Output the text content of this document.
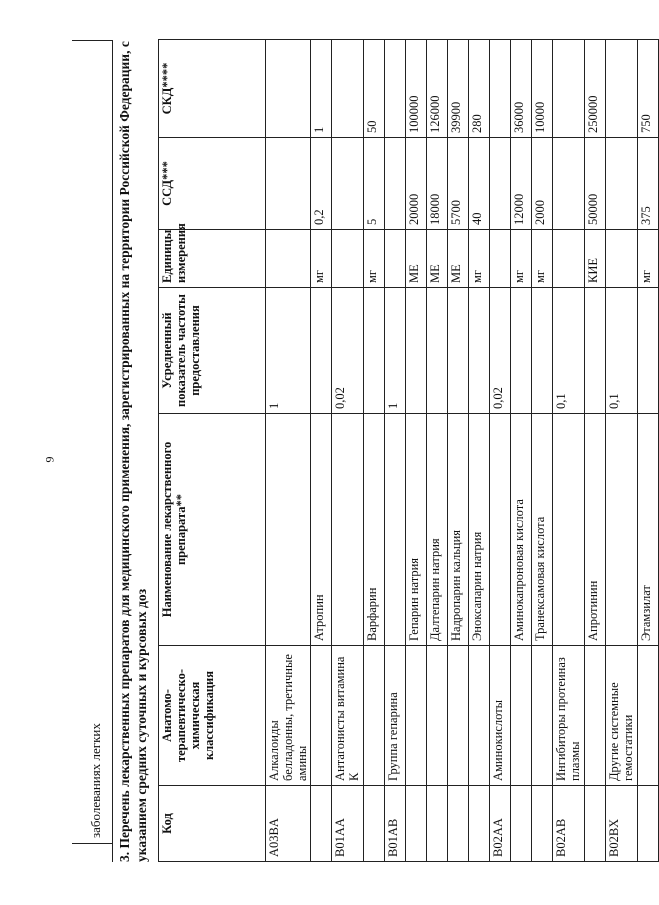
9
заболеваниях легких 3. Перечень лекарственных препаратов для медицинского применения, зарегистрированных на территории Российской Федерации, с указанием средних суточных и курсовых доз Код	Анатомо-терапевтическо-химическая классификация	Наименование лекарственного препарата**	Усредненный показатель частоты предоставления	Единицы измерения	ССД***	СКД****
A03BA	Алкалоиды белладонны, третичные амины		1			
		Атропин		мг	0,2	1
B01AA	Антагонисты витамина К		0,02			
		Варфарин		мг	5	50
B01AB	Группа гепарина		1			
		Гепарин натрия		МЕ	20000	100000
		Далтепарин натрия		МЕ	18000	126000
		Надропарин кальция		МЕ	5700	39900
		Эноксапарин натрия		мг	40	280
B02AA	Аминокислоты		0,02			
		Аминокапроновая кислота		мг	12000	36000
		Транексамовая кислота		мг	2000	10000
B02AB	Ингибиторы протеиназ плазмы		0,1			
		Апротинин		КИЕ	50000	250000
B02BX	Другие системные гемостатики		0,1			
		Этамзилат		мг	375	750
